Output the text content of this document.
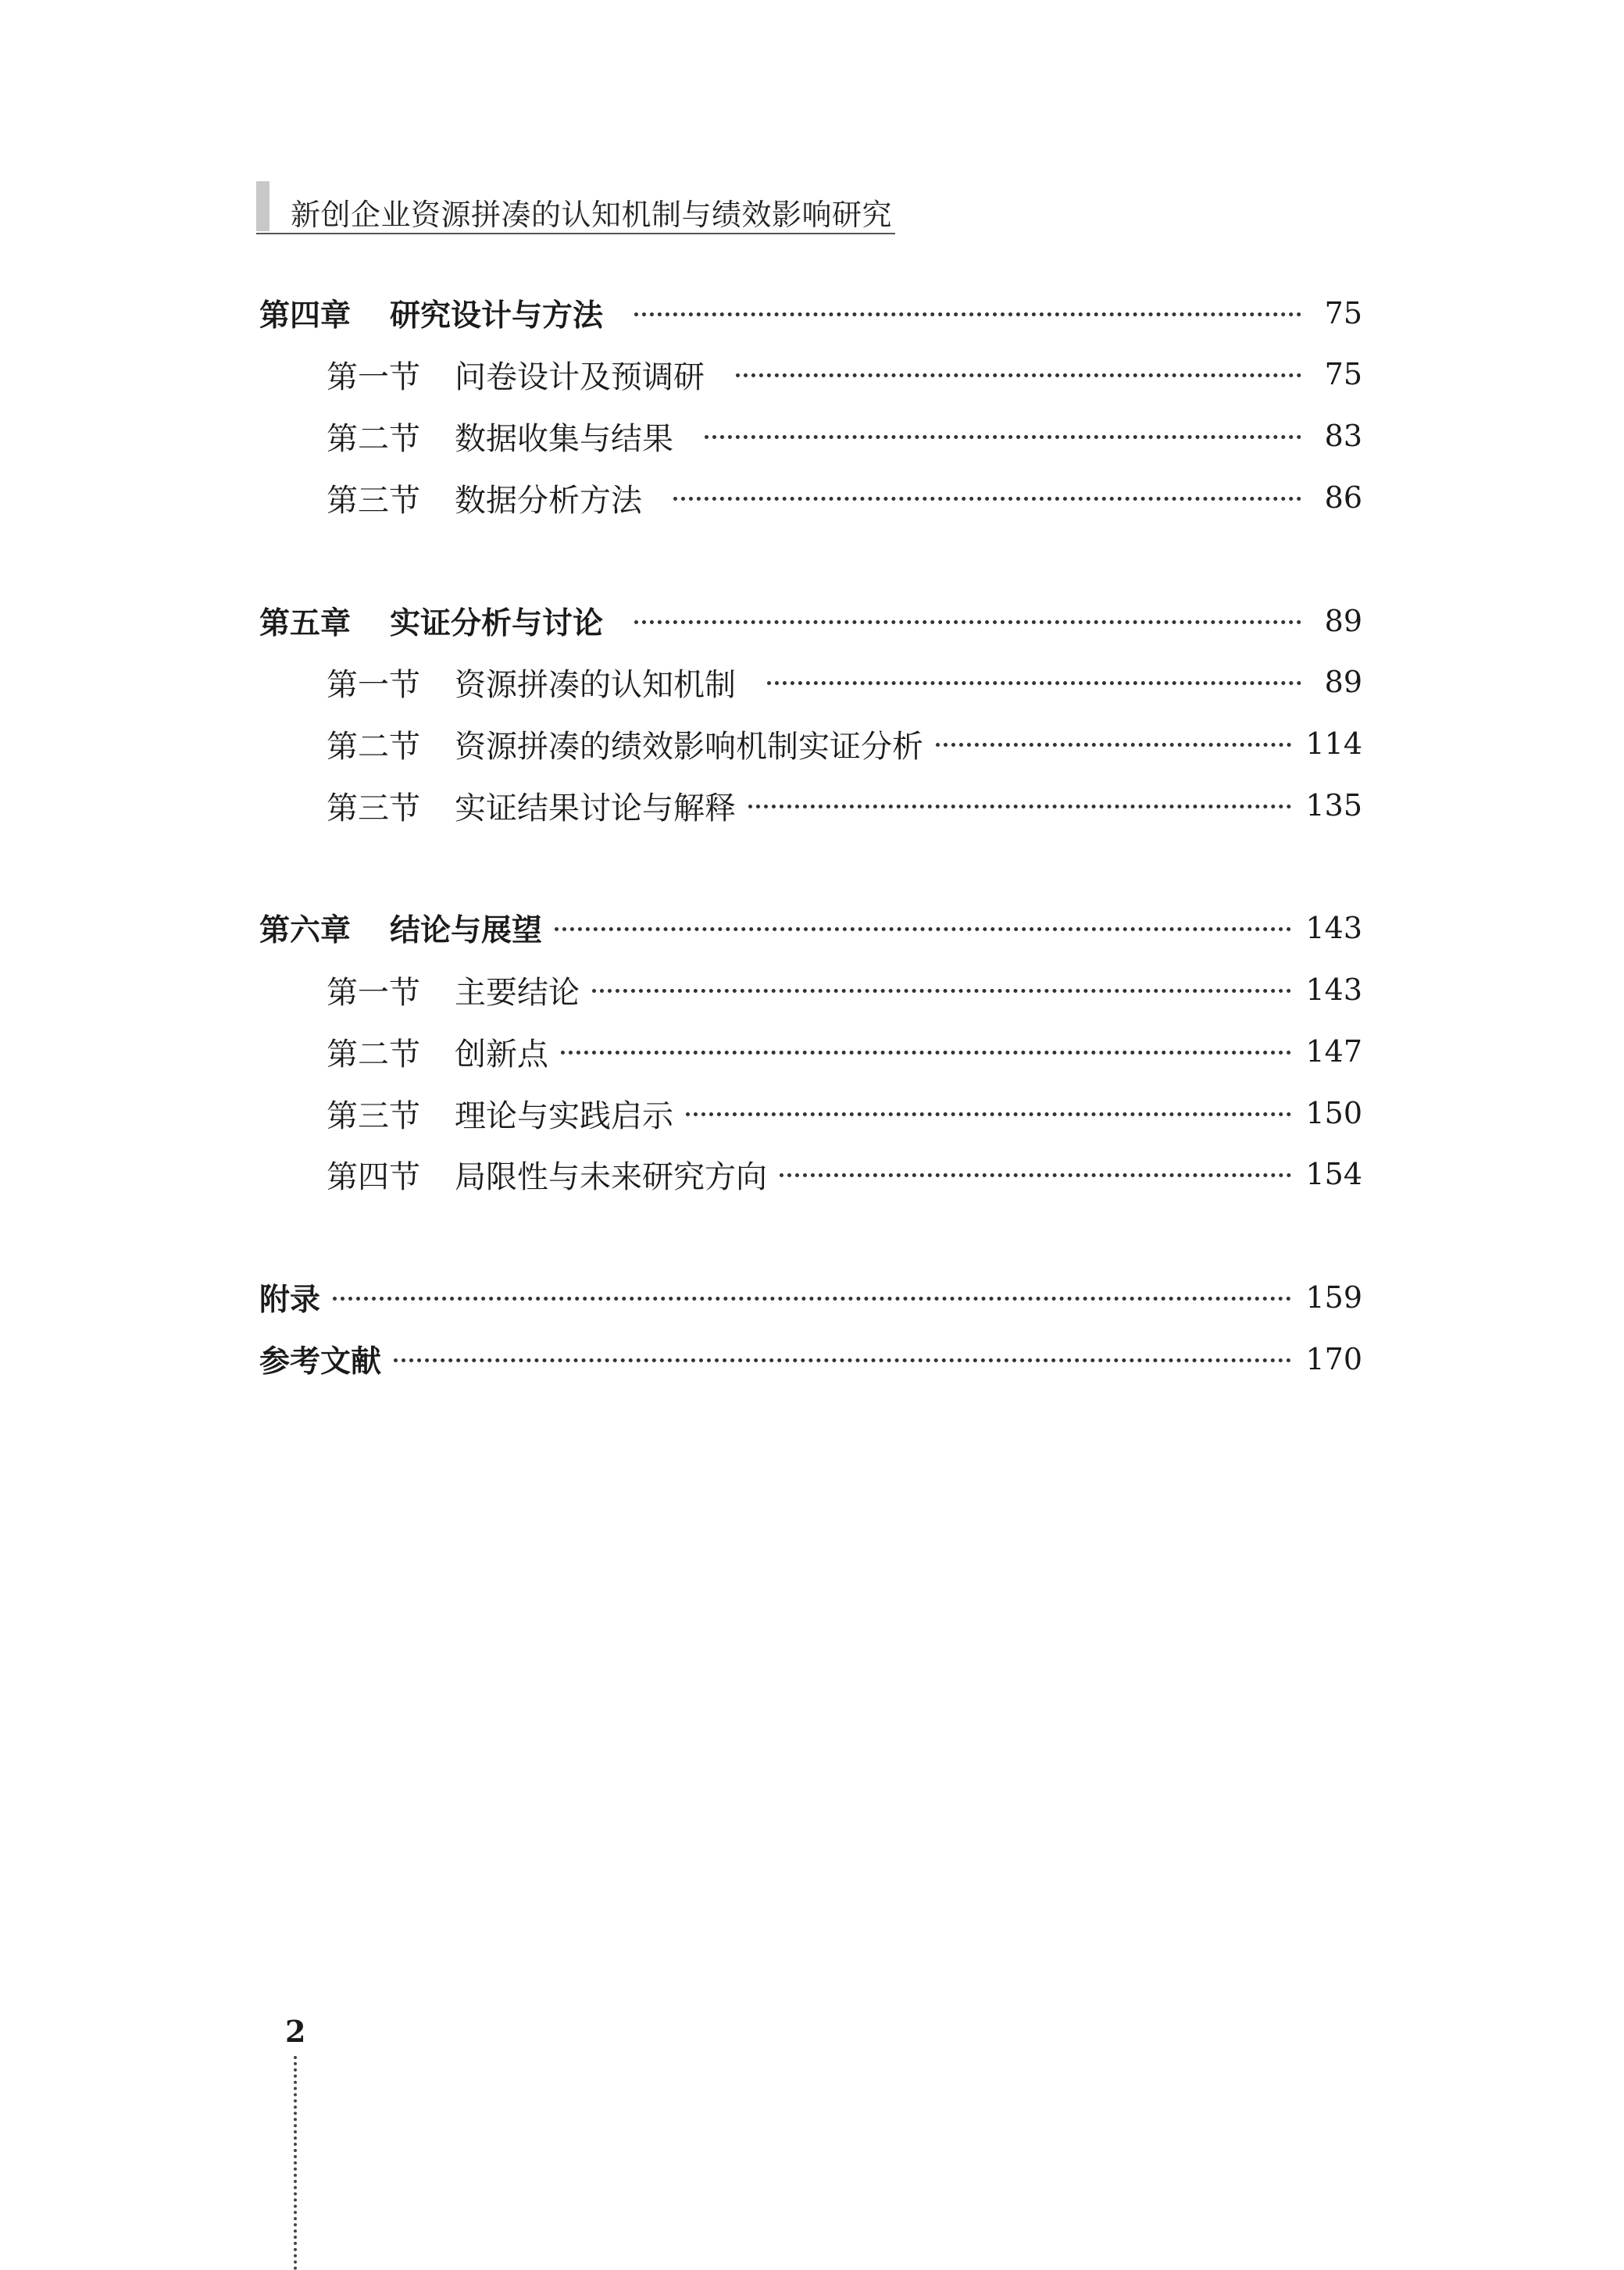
新创企业资源拼凑的认知机制与绩效影响研究
第四章 研究设计与方法	75
第一节 问卷设计及预调研	75
第二节 数据收集与结果	83
第三节 数据分析方法	86
第五章 实证分析与讨论	89
第一节 资源拼凑的认知机制	89
第二节 资源拼凑的绩效影响机制实证分析	114
第三节 实证结果讨论与解释	135
第六章 结论与展望	143
第一节 主要结论	143
第二节 创新点	147
第三节 理论与实践启示	150
第四节 局限性与未来研究方向	154
附录	159
参考文献	170
2
